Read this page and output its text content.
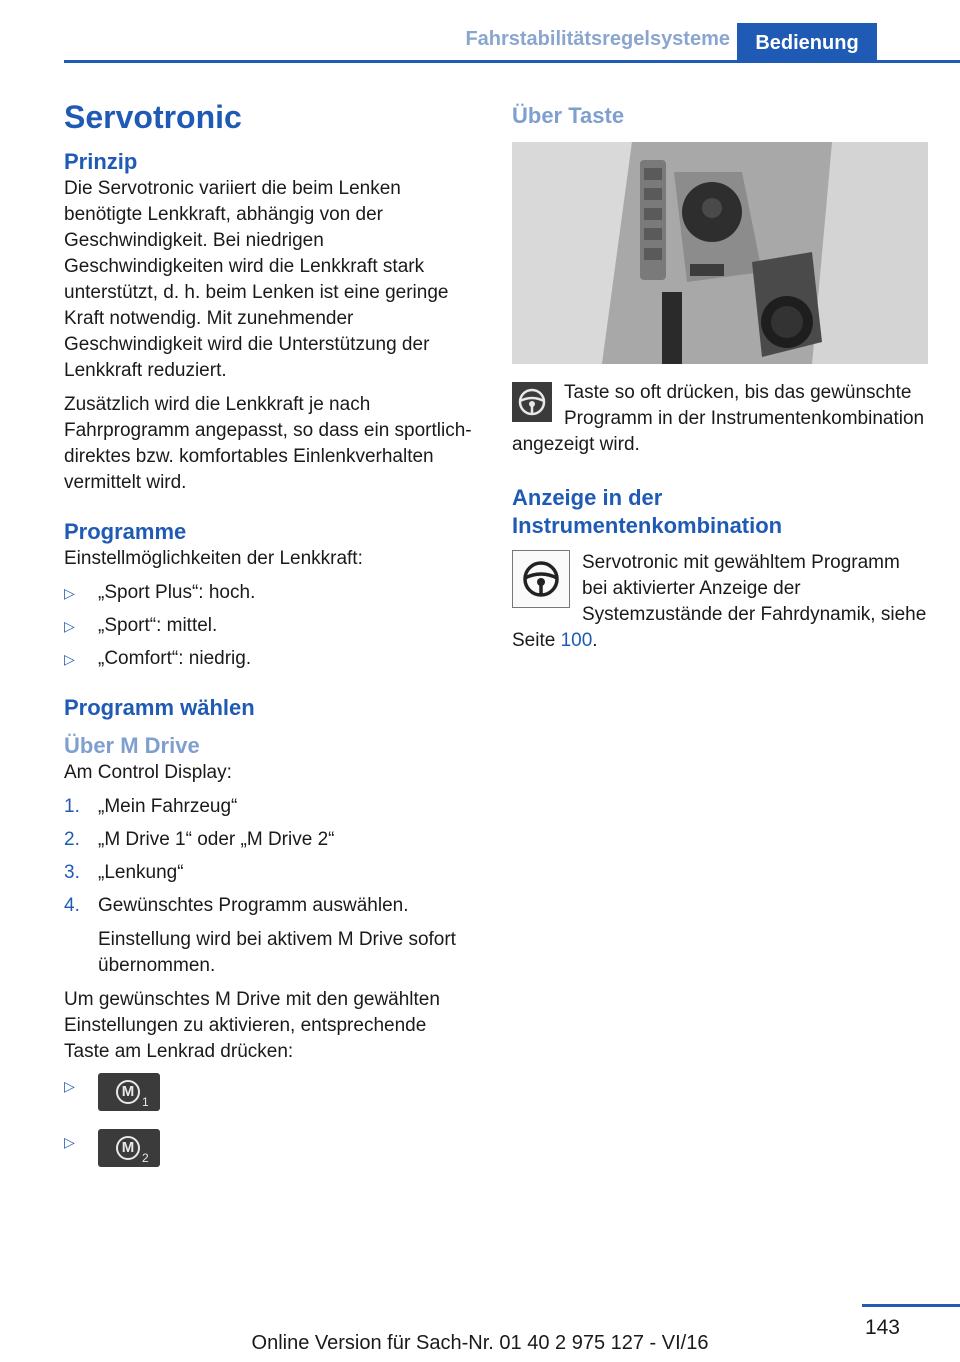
Fahrstabilitätsregelsysteme	Bedienung
Servotronic
Prinzip

Die Servotronic variiert die beim Lenken benötigte Lenkkraft, abhängig von der Geschwindigkeit. Bei niedrigen Geschwindigkeiten wird die Lenkkraft stark unterstützt, d. h. beim Lenken ist eine geringe Kraft notwendig. Mit zunehmender Geschwindigkeit wird die Unterstützung der Lenkkraft reduziert.

Zusätzlich wird die Lenkkraft je nach Fahrprogramm angepasst, so dass ein sportlich-direktes bzw. komfortables Einlenkverhalten vermittelt wird.

Programme

Einstellmöglichkeiten der Lenkkraft:

▷ „Sport Plus“: hoch.
▷ „Sport“: mittel.
▷ „Comfort“: niedrig.
Programm wählen
Über M Drive

Am Control Display:

1. „Mein Fahrzeug“
2. „M Drive 1“ oder „M Drive 2“
3. „Lenkung“
4. Gewünschtes Programm auswählen.

Einstellung wird bei aktivem M Drive sofort übernommen.

Um gewünschtes M Drive mit den gewählten Einstellungen zu aktivieren, entsprechende Taste am Lenkrad drücken:

▷	M
1
▷	M
2
Über Taste
Taste so oft drücken, bis das gewünschte Programm in der Instrumentenkombination angezeigt wird.
Anzeige in der Instrumentenkombination
Servotronic mit gewähltem Programm bei aktivierter Anzeige der Systemzustände der Fahrdynamik, siehe Seite 100.
143
Online Version für Sach-Nr. 01 40 2 975 127 - VI/16
